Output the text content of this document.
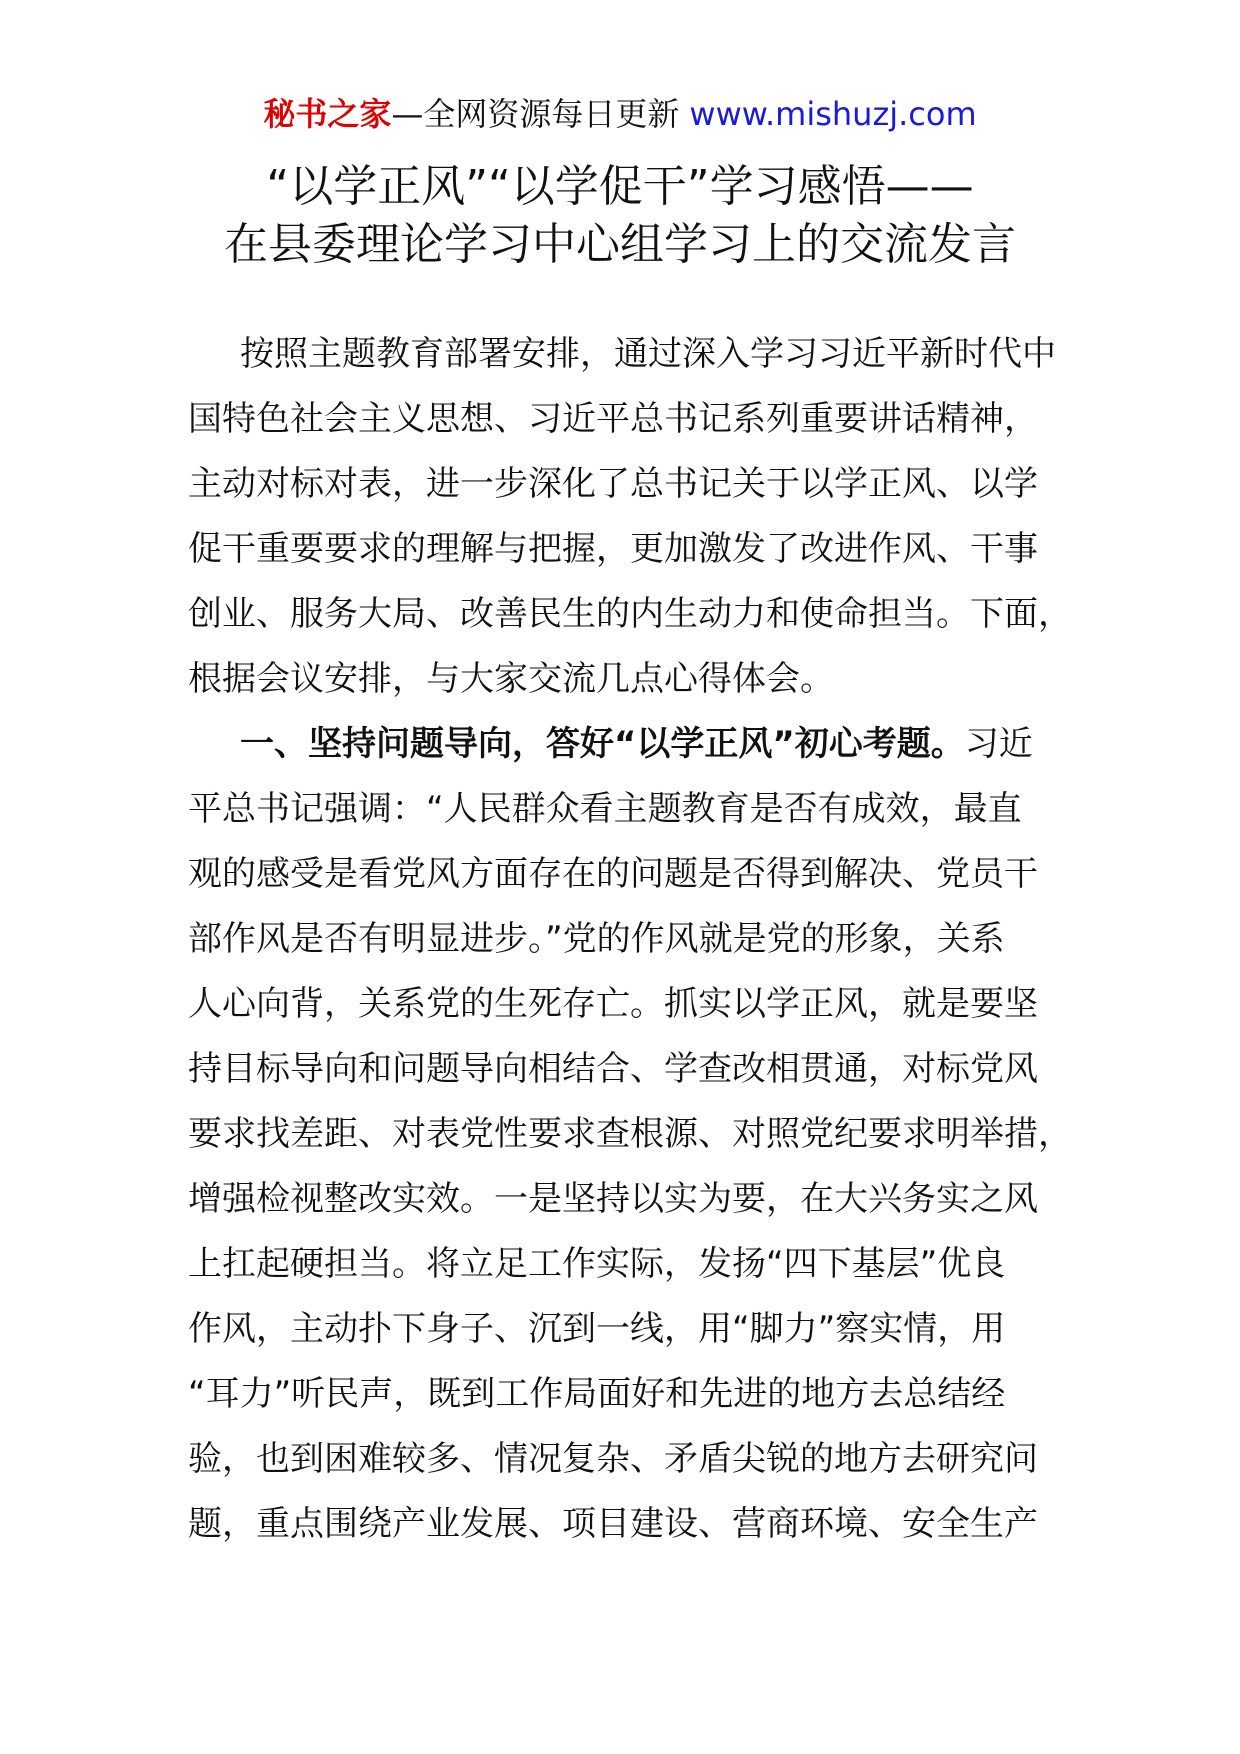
秘书之家—全网资源每日更新 www.mishuzj.com
“以学正风”“以学促干”学习感悟——
在县委理论学习中心组学习上的交流发言
按照主题教育部署安排，通过深入学习习近平新时代中
国特色社会主义思想、习近平总书记系列重要讲话精神，
主动对标对表，进一步深化了总书记关于以学正风、以学
促干重要要求的理解与把握，更加激发了改进作风、干事
创业、服务大局、改善民生的内生动力和使命担当。下面，
根据会议安排，与大家交流几点心得体会。
一、坚持问题导向，答好“以学正风”初心考题。习近
平总书记强调：“人民群众看主题教育是否有成效，最直
观的感受是看党风方面存在的问题是否得到解决、党员干
部作风是否有明显进步。”党的作风就是党的形象，关系
人心向背，关系党的生死存亡。抓实以学正风，就是要坚
持目标导向和问题导向相结合、学查改相贯通，对标党风
要求找差距、对表党性要求查根源、对照党纪要求明举措，
增强检视整改实效。一是坚持以实为要，在大兴务实之风
上扛起硬担当。将立足工作实际，发扬“四下基层”优良
作风，主动扑下身子、沉到一线，用“脚力”察实情，用
“耳力”听民声，既到工作局面好和先进的地方去总结经
验，也到困难较多、情况复杂、矛盾尖锐的地方去研究问
题，重点围绕产业发展、项目建设、营商环境、安全生产
